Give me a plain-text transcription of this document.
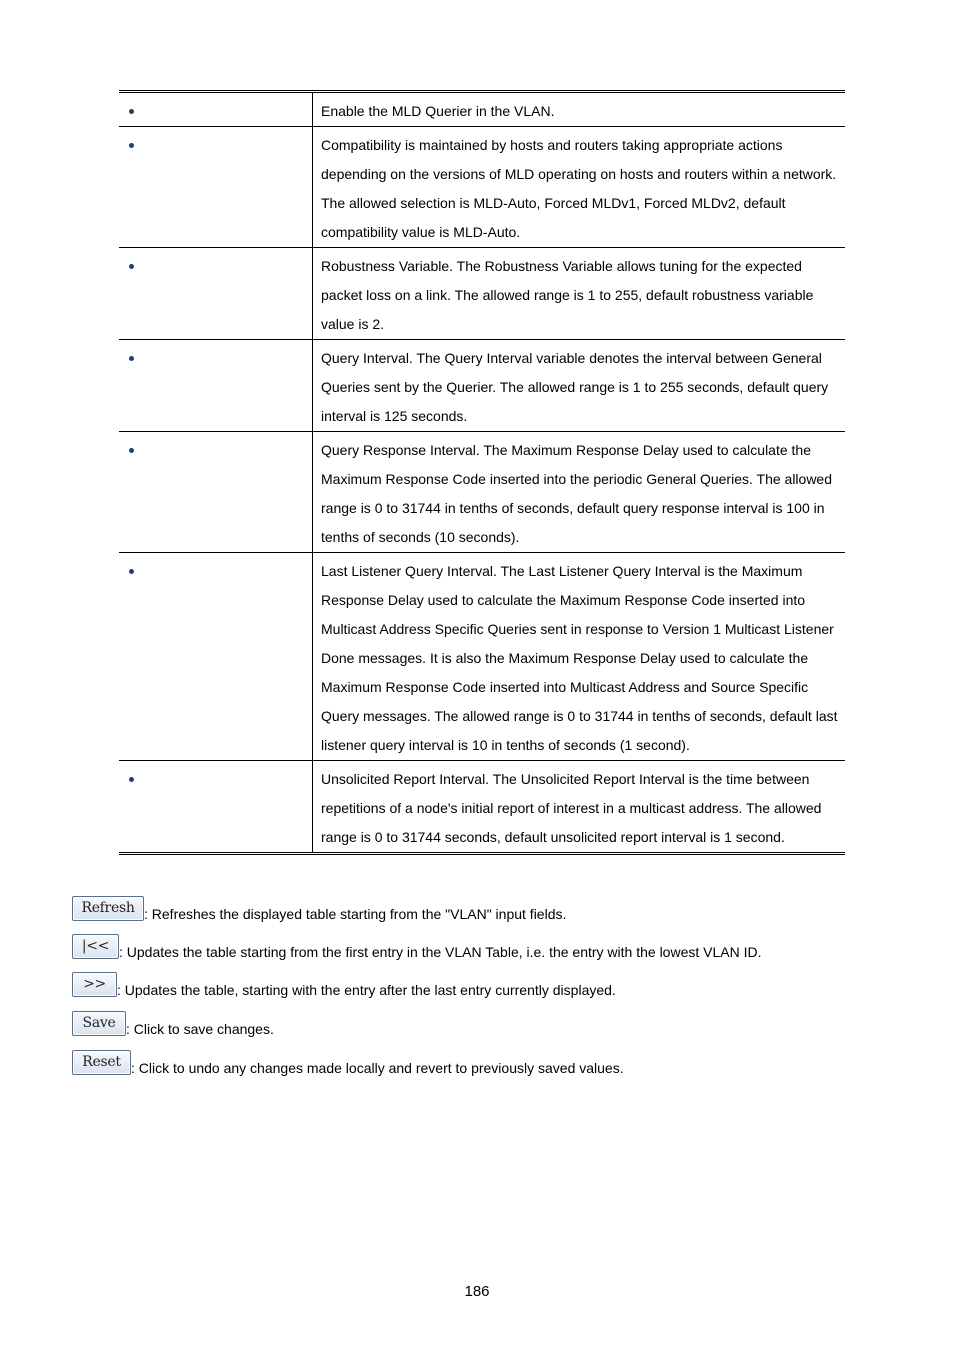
	Enable the MLD Querier in the VLAN.
	Compatibility is maintained by hosts and routers taking appropriate actions depending on the versions of MLD operating on hosts and routers within a network. The allowed selection is MLD-Auto, Forced MLDv1, Forced MLDv2, default compatibility value is MLD-Auto.
	Robustness Variable. The Robustness Variable allows tuning for the expected packet loss on a link. The allowed range is 1 to 255, default robustness variable value is 2.
	Query Interval. The Query Interval variable denotes the interval between General Queries sent by the Querier. The allowed range is 1 to 255 seconds, default query interval is 125 seconds.
	Query Response Interval. The Maximum Response Delay used to calculate the Maximum Response Code inserted into the periodic General Queries. The allowed range is 0 to 31744 in tenths of seconds, default query response interval is 100 in tenths of seconds (10 seconds).
	Last Listener Query Interval. The Last Listener Query Interval is the Maximum Response Delay used to calculate the Maximum Response Code inserted into Multicast Address Specific Queries sent in response to Version 1 Multicast Listener Done messages. It is also the Maximum Response Delay used to calculate the Maximum Response Code inserted into Multicast Address and Source Specific Query messages. The allowed range is 0 to 31744 in tenths of seconds, default last listener query interval is 10 in tenths of seconds (1 second).
	Unsolicited Report Interval. The Unsolicited Report Interval is the time between repetitions of a node's initial report of interest in a multicast address. The allowed range is 0 to 31744 seconds, default unsolicited report interval is 1 second.
Refresh : Refreshes the displayed table starting from the "VLAN" input fields.
|<< : Updates the table starting from the first entry in the VLAN Table, i.e. the entry with the lowest VLAN ID.
>> : Updates the table, starting with the entry after the last entry currently displayed.
Save : Click to save changes.
Reset : Click to undo any changes made locally and revert to previously saved values.
186
